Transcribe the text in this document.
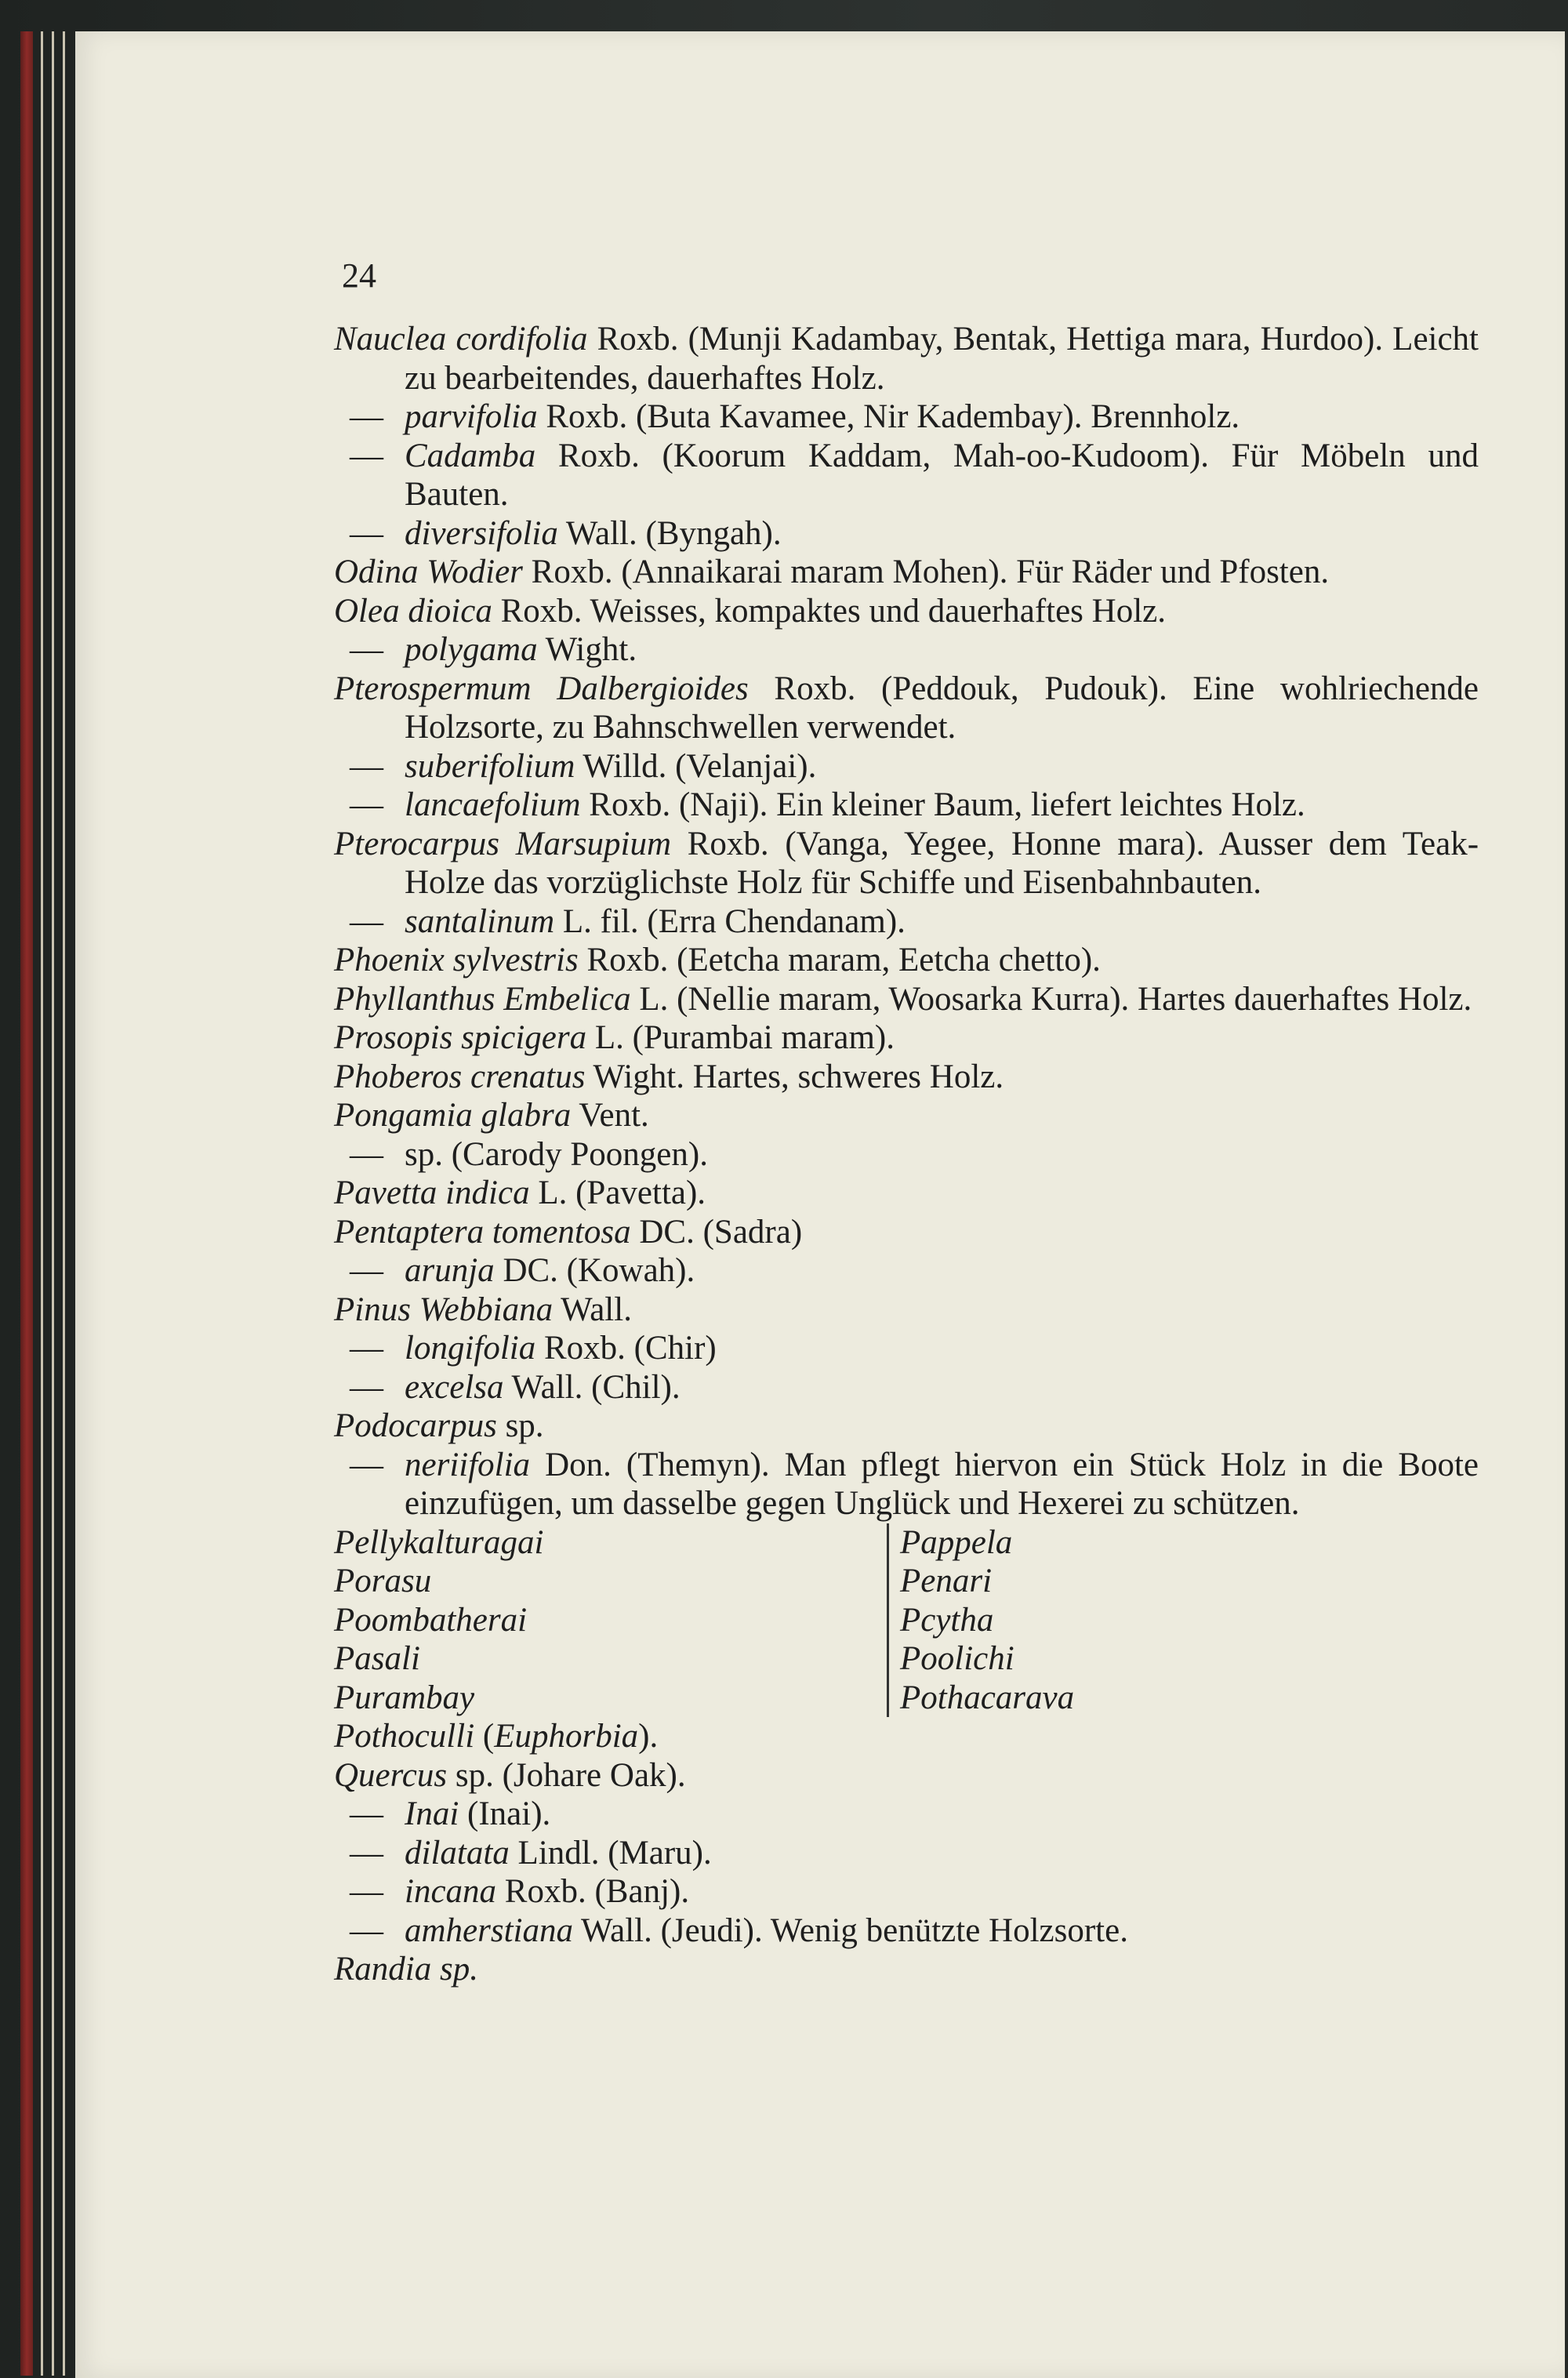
24
Nauclea cordifolia Roxb. (Munji Kadambay, Bentak, Hettiga mara, Hurdoo). Leicht zu bearbeitendes, dauerhaftes Holz.
— parvifolia Roxb. (Buta Kavamee, Nir Kadembay). Brennholz.
— Cadamba Roxb. (Koorum Kaddam, Mah-oo-Kudoom). Für Möbeln und Bauten.
— diversifolia Wall. (Byngah).
Odina Wodier Roxb. (Annaikarai maram Mohen). Für Räder und Pfosten.
Olea dioica Roxb. Weisses, kompaktes und dauerhaftes Holz.
— polygama Wight.
Pterospermum Dalbergioides Roxb. (Peddouk, Pudouk). Eine wohlriechende Holzsorte, zu Bahnschwellen verwendet.
— suberifolium Willd. (Velanjai).
— lancaefolium Roxb. (Naji). Ein kleiner Baum, liefert leichtes Holz.
Pterocarpus Marsupium Roxb. (Vanga, Yegee, Honne mara). Ausser dem Teak-Holze das vorzüglichste Holz für Schiffe und Eisenbahnbauten.
— santalinum L. fil. (Erra Chendanam).
Phoenix sylvestris Roxb. (Eetcha maram, Eetcha chetto).
Phyllanthus Embelica L. (Nellie maram, Woosarka Kurra). Hartes dauerhaftes Holz.
Prosopis spicigera L. (Purambai maram).
Phoberos crenatus Wight. Hartes, schweres Holz.
Pongamia glabra Vent.
— sp. (Carody Poongen).
Pavetta indica L. (Pavetta).
Pentaptera tomentosa DC. (Sadra)
— arunja DC. (Kowah).
Pinus Webbiana Wall.
— longifolia Roxb. (Chir)
— excelsa Wall. (Chil).
Podocarpus sp.
— neriifolia Don. (Themyn). Man pflegt hiervon ein Stück Holz in die Boote einzufügen, um dasselbe gegen Unglück und Hexerei zu schützen.
Pellykalturagai
Porasu
Poombatherai
Pasali
Purambay
Pappela
Penari
Pcytha
Poolichi
Pothacarava
Pothoculli (Euphorbia).
Quercus sp. (Johare Oak).
— Inai (Inai).
— dilatata Lindl. (Maru).
— incana Roxb. (Banj).
— amherstiana Wall. (Jeudi). Wenig benützte Holzsorte.
Randia sp.
